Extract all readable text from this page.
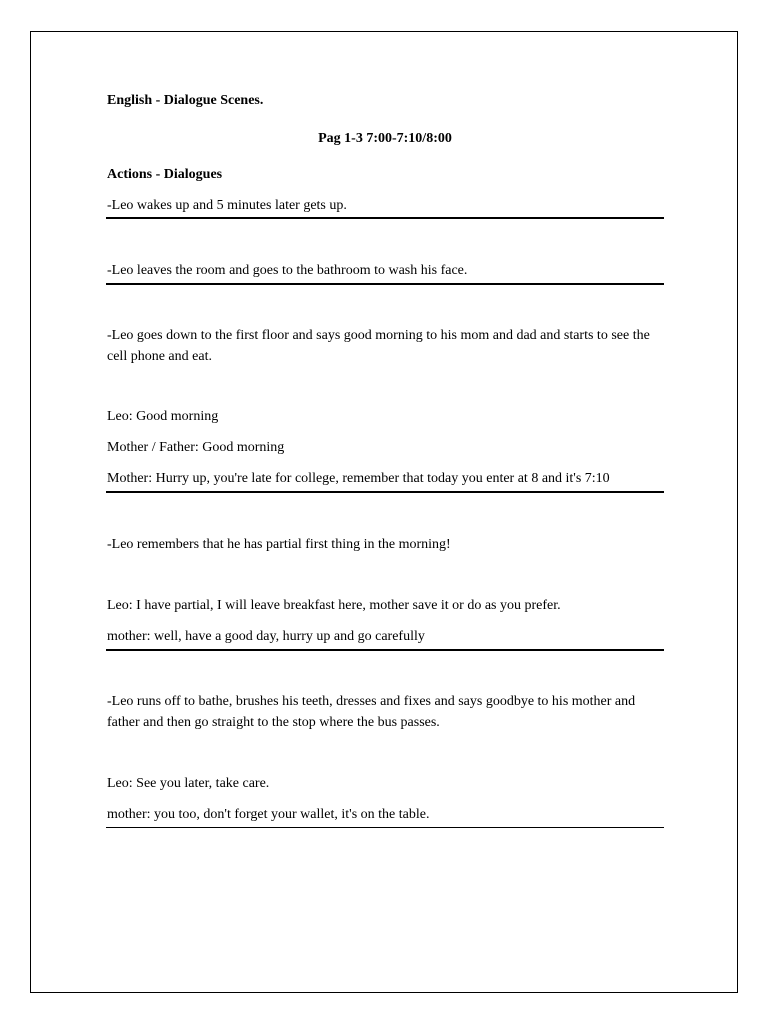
English - Dialogue Scenes.
Pag 1-3 7:00-7:10/8:00
Actions - Dialogues
-Leo wakes up and 5 minutes later gets up.
-Leo leaves the room and goes to the bathroom to wash his face.
-Leo goes down to the first floor and says good morning to his mom and dad and starts to see the cell phone and eat.
Leo: Good morning
Mother / Father: Good morning
Mother: Hurry up, you're late for college, remember that today you enter at 8 and it's 7:10
-Leo remembers that he has partial first thing in the morning!
Leo: I have partial, I will leave breakfast here, mother save it or do as you prefer.
mother: well, have a good day, hurry up and go carefully
-Leo runs off to bathe, brushes his teeth, dresses and fixes and says goodbye to his mother and father and then go straight to the stop where the bus passes.
Leo: See you later, take care.
mother: you too, don't forget your wallet, it's on the table.
